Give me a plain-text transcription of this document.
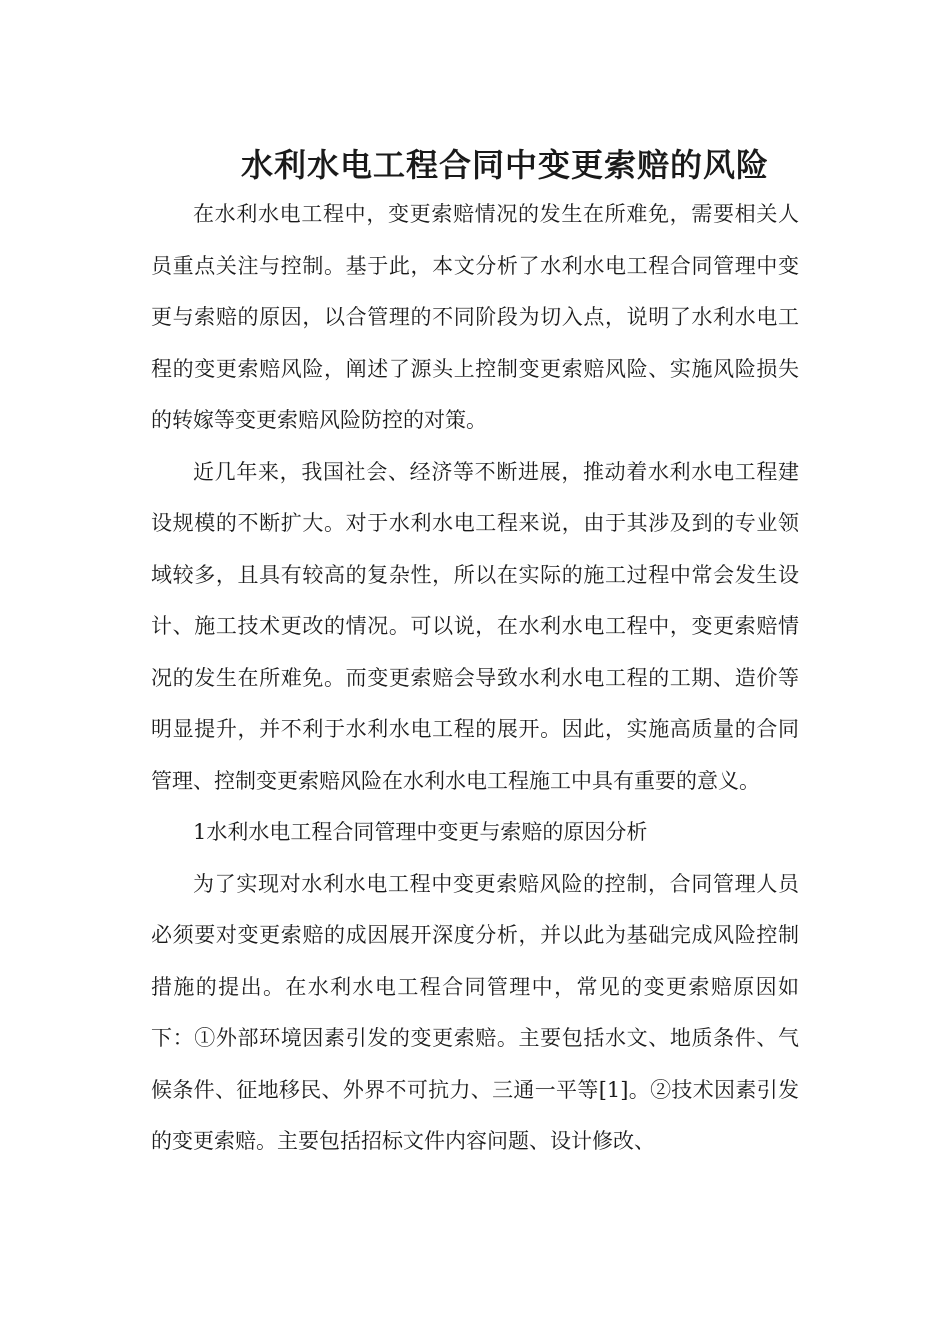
水利水电工程合同中变更索赔的风险

在水利水电工程中，变更索赔情况的发生在所难免，需要相关人员重点关注与控制。基于此，本文分析了水利水电工程合同管理中变更与索赔的原因，以合管理的不同阶段为切入点，说明了水利水电工程的变更索赔风险，阐述了源头上控制变更索赔风险、实施风险损失的转嫁等变更索赔风险防控的对策。

近几年来，我国社会、经济等不断进展，推动着水利水电工程建设规模的不断扩大。对于水利水电工程来说，由于其涉及到的专业领域较多，且具有较高的复杂性，所以在实际的施工过程中常会发生设计、施工技术更改的情况。可以说，在水利水电工程中，变更索赔情况的发生在所难免。而变更索赔会导致水利水电工程的工期、造价等明显提升，并不利于水利水电工程的展开。因此，实施高质量的合同管理、控制变更索赔风险在水利水电工程施工中具有重要的意义。

1水利水电工程合同管理中变更与索赔的原因分析

为了实现对水利水电工程中变更索赔风险的控制，合同管理人员必须要对变更索赔的成因展开深度分析，并以此为基础完成风险控制措施的提出。在水利水电工程合同管理中，常见的变更索赔原因如下：①外部环境因素引发的变更索赔。主要包括水文、地质条件、气候条件、征地移民、外界不可抗力、三通一平等[1]。②技术因素引发的变更索赔。主要包括招标文件内容问题、设计修改、
